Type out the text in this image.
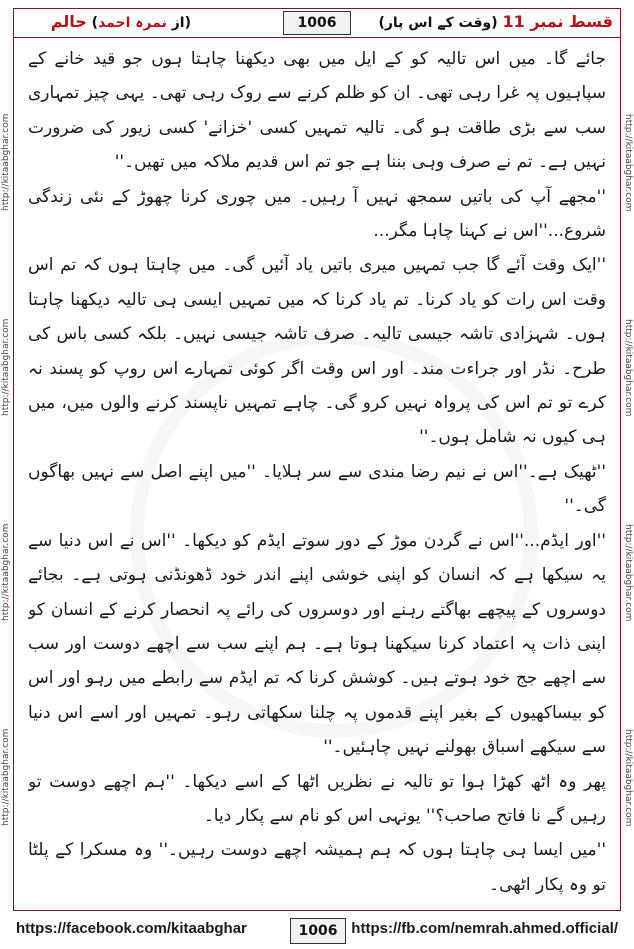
(از نمرہ احمد) حالم	1006	قسط نمبر 11 (وقت کے اس پار)
http://kitaabghar.com
http://kitaabghar.com
http://kitaabghar.com
http://kitaabghar.com	http://kitaabghar.com
http://kitaabghar.com
http://kitaabghar.com
http://kitaabghar.com

جائے گا۔ میں اس تالیہ کو کے ایل میں بھی دیکھنا چاہتا ہوں جو قید خانے کے سپاہیوں پہ غرا رہی تھی۔ ان کو ظلم کرنے سے روک رہی تھی۔ یہی چیز تمہاری سب سے بڑی طاقت ہو گی۔ تالیہ تمہیں کسی 'خزانے' کسی زیور کی ضرورت نہیں ہے۔ تم نے صرف وہی بننا ہے جو تم اس قدیم ملاکہ میں تھیں۔''

''مجھے آپ کی باتیں سمجھ نہیں آ رہیں۔ میں چوری کرنا چھوڑ کے نئی زندگی شروع...''اس نے کہنا چاہا مگر...

''ایک وقت آئے گا جب تمہیں میری باتیں یاد آئیں گی۔ میں چاہتا ہوں کہ تم اس وقت اس رات کو یاد کرنا۔ تم یاد کرنا کہ میں تمہیں ایسی ہی تالیہ دیکھنا چاہتا ہوں۔ شہزادی تاشہ جیسی تالیہ۔ صرف تاشہ جیسی نہیں۔ بلکہ کسی باس کی طرح۔ نڈر اور جراءت مند۔ اور اس وقت اگر کوئی تمہارے اس روپ کو پسند نہ کرے تو تم اس کی پرواہ نہیں کرو گی۔ چاہے تمہیں ناپسند کرنے والوں میں، میں ہی کیوں نہ شامل ہوں۔''

''ٹھیک ہے۔''اس نے نیم رضا مندی سے سر ہلایا۔ ''میں اپنے اصل سے نہیں بھاگوں گی۔''

''اور ایڈم...''اس نے گردن موڑ کے دور سوتے ایڈم کو دیکھا۔ ''اس نے اس دنیا سے یہ سیکھا ہے کہ انسان کو اپنی خوشی اپنے اندر خود ڈھونڈنی ہوتی ہے۔ بجائے دوسروں کے پیچھے بھاگتے رہنے اور دوسروں کی رائے پہ انحصار کرنے کے انسان کو اپنی ذات پہ اعتماد کرنا سیکھنا ہوتا ہے۔ ہم اپنے سب سے اچھے دوست اور سب سے اچھے جج خود ہوتے ہیں۔ کوشش کرنا کہ تم ایڈم سے رابطے میں رہو اور اس کو بیساکھیوں کے بغیر اپنے قدموں پہ چلنا سکھاتی رہو۔ تمہیں اور اسے اس دنیا سے سیکھے اسباق بھولنے نہیں چاہئیں۔''

پھر وہ اٹھ کھڑا ہوا تو تالیہ نے نظریں اٹھا کے اسے دیکھا۔ ''ہم اچھے دوست تو رہیں گے نا فاتح صاحب؟'' یونہی اس کو نام سے پکار دیا۔

''میں ایسا ہی چاہتا ہوں کہ ہم ہمیشہ اچھے دوست رہیں۔'' وہ مسکرا کے پلٹا تو وہ پکار اٹھی۔

https://facebook.com/kitaabghar	1006 https://fb.com/nemrah.ahmed.official/
